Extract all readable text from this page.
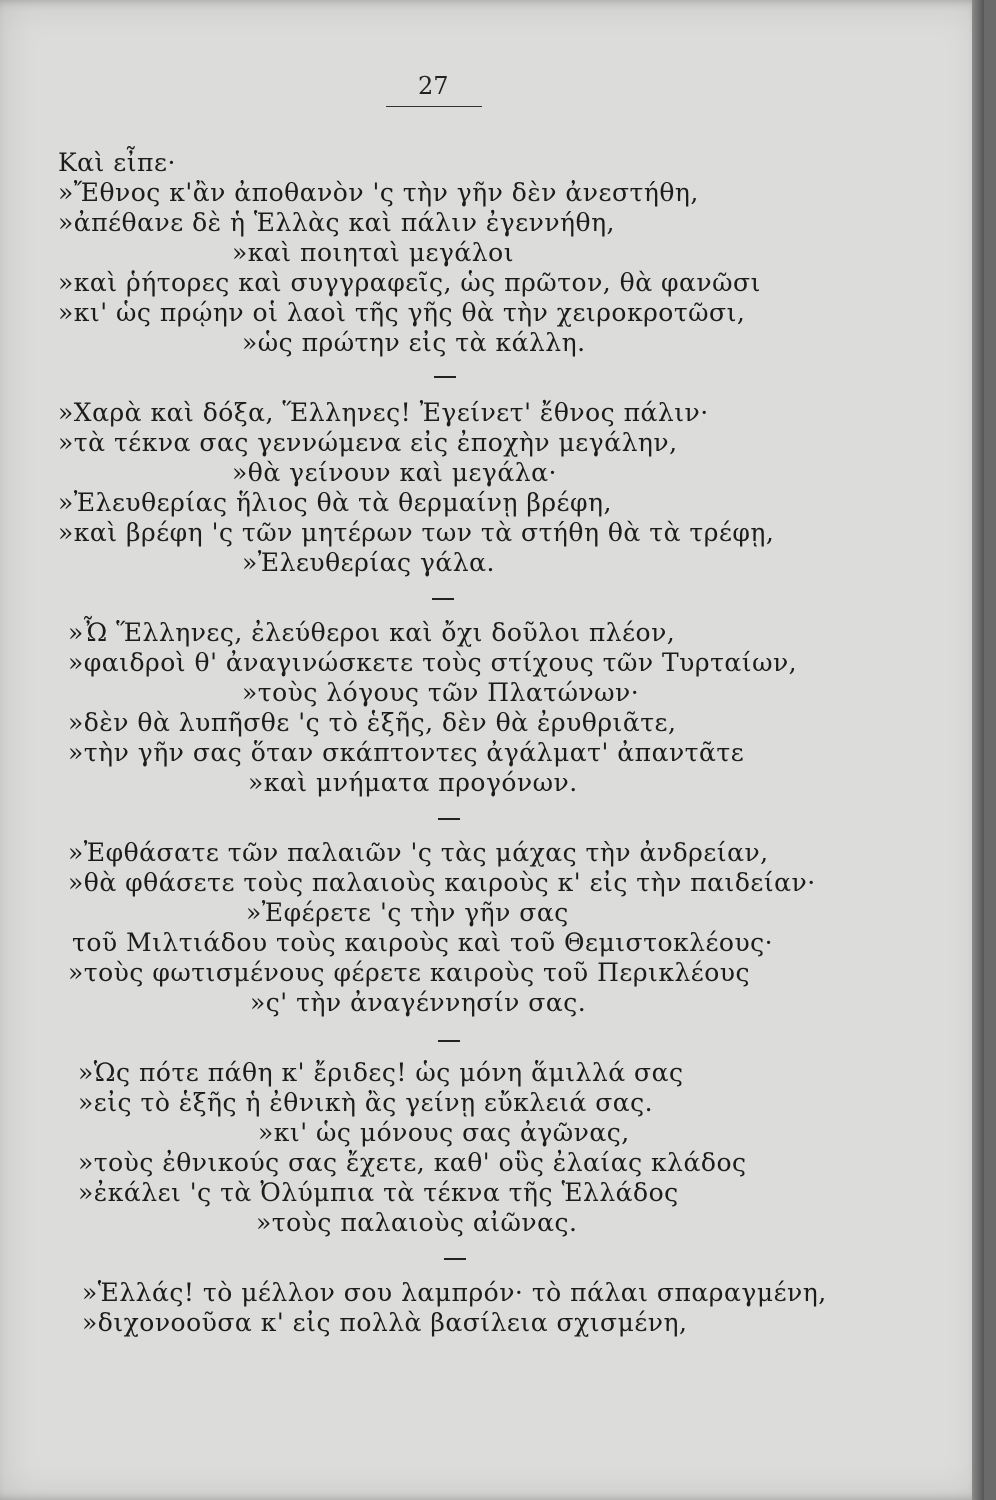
27
Καὶ εἶπε·
»Ἔθνος κ'ἂν ἀποθανὸν 'ς τὴν γῆν δὲν ἀνεστήθη,
»ἀπέθανε δὲ ἡ Ἑλλὰς καὶ πάλιν ἐγεννήθη,
»καὶ ποιηταὶ μεγάλοι
»καὶ ῥήτορες καὶ συγγραφεῖς, ὡς πρῶτον, θὰ φανῶσι
»κι' ὡς πρῴην οἱ λαοὶ τῆς γῆς θὰ τὴν χειροκροτῶσι,
»ὡς πρώτην εἰς τὰ κάλλη.
»Χαρὰ καὶ δόξα, Ἕλληνες! Ἐγείνετ' ἔθνος πάλιν·
»τὰ τέκνα σας γεννώμενα εἰς ἐποχὴν μεγάλην,
»θὰ γείνουν καὶ μεγάλα·
»Ἐλευθερίας ἥλιος θὰ τὰ θερμαίνῃ βρέφη,
»καὶ βρέφη 'ς τῶν μητέρων των τὰ στήθη θὰ τὰ τρέφῃ,
»Ἐλευθερίας γάλα.
»Ὦ Ἕλληνες, ἐλεύθεροι καὶ ὄχι δοῦλοι πλέον,
»φαιδροὶ θ' ἀναγινώσκετε τοὺς στίχους τῶν Τυρταίων,
»τοὺς λόγους τῶν Πλατώνων·
»δὲν θὰ λυπῆσθε 'ς τὸ ἑξῆς, δὲν θὰ ἐρυθριᾶτε,
»τὴν γῆν σας ὅταν σκάπτοντες ἀγάλματ' ἀπαντᾶτε
»καὶ μνήματα προγόνων.
»Ἐφθάσατε τῶν παλαιῶν 'ς τὰς μάχας τὴν ἀνδρείαν,
»θὰ φθάσετε τοὺς παλαιοὺς καιροὺς κ' εἰς τὴν παιδείαν·
»Ἐφέρετε 'ς τὴν γῆν σας
τοῦ Μιλτιάδου τοὺς καιροὺς καὶ τοῦ Θεμιστοκλέους·
»τοὺς φωτισμένους φέρετε καιροὺς τοῦ Περικλέους
»ς' τὴν ἀναγέννησίν σας.
»Ὡς πότε πάθη κ' ἔριδες! ὡς μόνη ἅμιλλά σας
»εἰς τὸ ἑξῆς ἡ ἐθνικὴ ἂς γείνῃ εὔκλειά σας.
»κι' ὡς μόνους σας ἀγῶνας,
»τοὺς ἐθνικούς σας ἔχετε, καθ' οὓς ἐλαίας κλάδος
»ἐκάλει 'ς τὰ Ὀλύμπια τὰ τέκνα τῆς Ἑλλάδος
»τοὺς παλαιοὺς αἰῶνας.
»Ἑλλάς! τὸ μέλλον σου λαμπρόν· τὸ πάλαι σπαραγμένη,
»διχονοοῦσα κ' εἰς πολλὰ βασίλεια σχισμένη,
